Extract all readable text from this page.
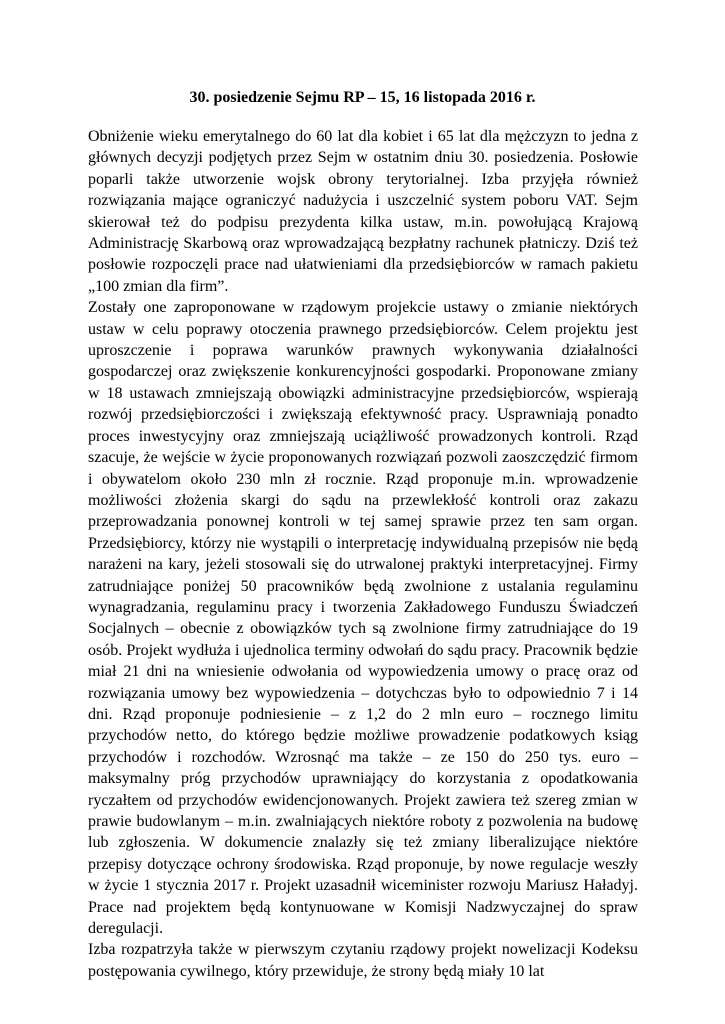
30. posiedzenie Sejmu RP – 15, 16 listopada 2016 r.

Obniżenie wieku emerytalnego do 60 lat dla kobiet i 65 lat dla mężczyzn to jedna z głównych decyzji podjętych przez Sejm w ostatnim dniu 30. posiedzenia. Posłowie poparli także utworzenie wojsk obrony terytorialnej. Izba przyjęła również rozwiązania mające ograniczyć nadużycia i uszczelnić system poboru VAT. Sejm skierował też do podpisu prezydenta kilka ustaw, m.in. powołującą Krajową Administrację Skarbową oraz wprowadzającą bezpłatny rachunek płatniczy. Dziś też posłowie rozpoczęli prace nad ułatwieniami dla przedsiębiorców w ramach pakietu „100 zmian dla firm”.

Zostały one zaproponowane w rządowym projekcie ustawy o zmianie niektórych ustaw w celu poprawy otoczenia prawnego przedsiębiorców. Celem projektu jest uproszczenie i poprawa warunków prawnych wykonywania działalności gospodarczej oraz zwiększenie konkurencyjności gospodarki. Proponowane zmiany w 18 ustawach zmniejszają obowiązki administracyjne przedsiębiorców, wspierają rozwój przedsiębiorczości i zwiększają efektywność pracy. Usprawniają ponadto proces inwestycyjny oraz zmniejszają uciążliwość prowadzonych kontroli. Rząd szacuje, że wejście w życie proponowanych rozwiązań pozwoli zaoszczędzić firmom i obywatelom około 230 mln zł rocznie. Rząd proponuje m.in. wprowadzenie możliwości złożenia skargi do sądu na przewlekłość kontroli oraz zakazu przeprowadzania ponownej kontroli w tej samej sprawie przez ten sam organ. Przedsiębiorcy, którzy nie wystąpili o interpretację indywidualną przepisów nie będą narażeni na kary, jeżeli stosowali się do utrwalonej praktyki interpretacyjnej. Firmy zatrudniające poniżej 50 pracowników będą zwolnione z ustalania regulaminu wynagradzania, regulaminu pracy i tworzenia Zakładowego Funduszu Świadczeń Socjalnych – obecnie z obowiązków tych są zwolnione firmy zatrudniające do 19 osób. Projekt wydłuża i ujednolica terminy odwołań do sądu pracy. Pracownik będzie miał 21 dni na wniesienie odwołania od wypowiedzenia umowy o pracę oraz od rozwiązania umowy bez wypowiedzenia – dotychczas było to odpowiednio 7 i 14 dni. Rząd proponuje podniesienie – z 1,2 do 2 mln euro – rocznego limitu przychodów netto, do którego będzie możliwe prowadzenie podatkowych ksiąg przychodów i rozchodów. Wzrosnąć ma także – ze 150 do 250 tys. euro – maksymalny próg przychodów uprawniający do korzystania z opodatkowania ryczałtem od przychodów ewidencjonowanych. Projekt zawiera też szereg zmian w prawie budowlanym – m.in. zwalniających niektóre roboty z pozwolenia na budowę lub zgłoszenia. W dokumencie znalazły się też zmiany liberalizujące niektóre przepisy dotyczące ochrony środowiska. Rząd proponuje, by nowe regulacje weszły w życie 1 stycznia 2017 r. Projekt uzasadnił wiceminister rozwoju Mariusz Haładyj. Prace nad projektem będą kontynuowane w Komisji Nadzwyczajnej do spraw deregulacji.

Izba rozpatrzyła także w pierwszym czytaniu rządowy projekt nowelizacji Kodeksu postępowania cywilnego, który przewiduje, że strony będą miały 10 lat
